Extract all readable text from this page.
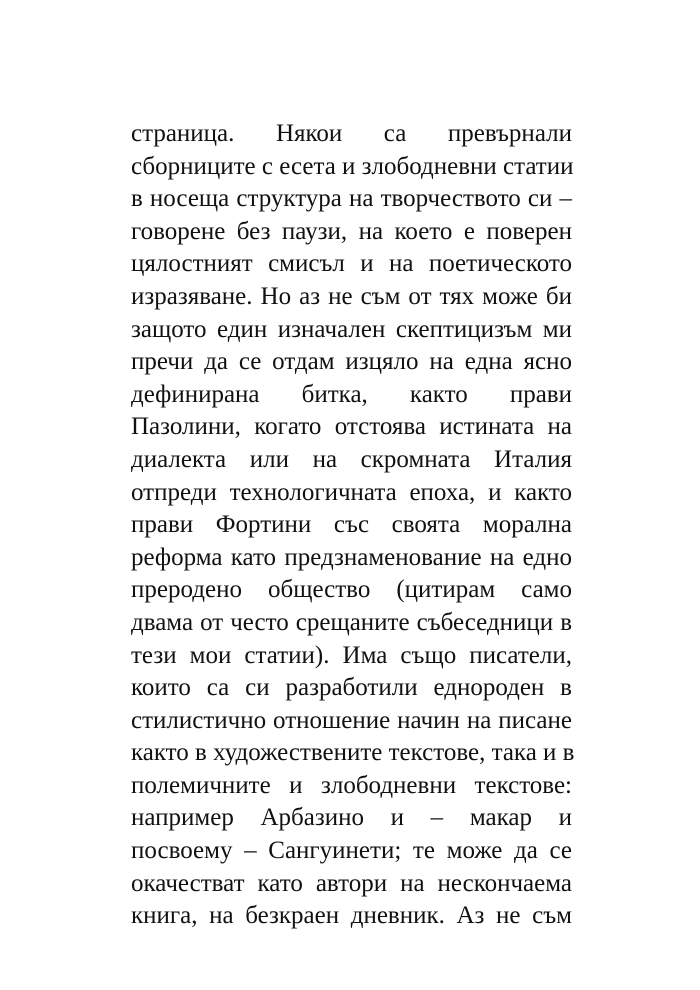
страница. Някои са превърнали
сборниците с есета и злободневни статии
в носеща структура на творчеството си –
говорене без паузи, на което е поверен
цялостният смисъл и на поетическото
изразяване. Но аз не съм от тях може би
защото един изначален скептицизъм ми
пречи да се отдам изцяло на една ясно
дефинирана битка, както прави
Пазолини, когато отстоява истината на
диалекта или на скромната Италия
отпреди технологичната епоха, и както
прави Фортини със своята морална
реформа като предзнаменование на едно
преродено общество (цитирам само
двама от често срещаните събеседници в
тези мои статии). Има също писатели,
които са си разработили еднороден в
стилистично отношение начин на писане
както в художествените текстове, така и в
полемичните и злободневни текстове:
например Арбазино и – макар и
посвоему – Сангуинети; те може да се
окачестват като автори на нескончаема
книга, на безкраен дневник. Аз не съм
